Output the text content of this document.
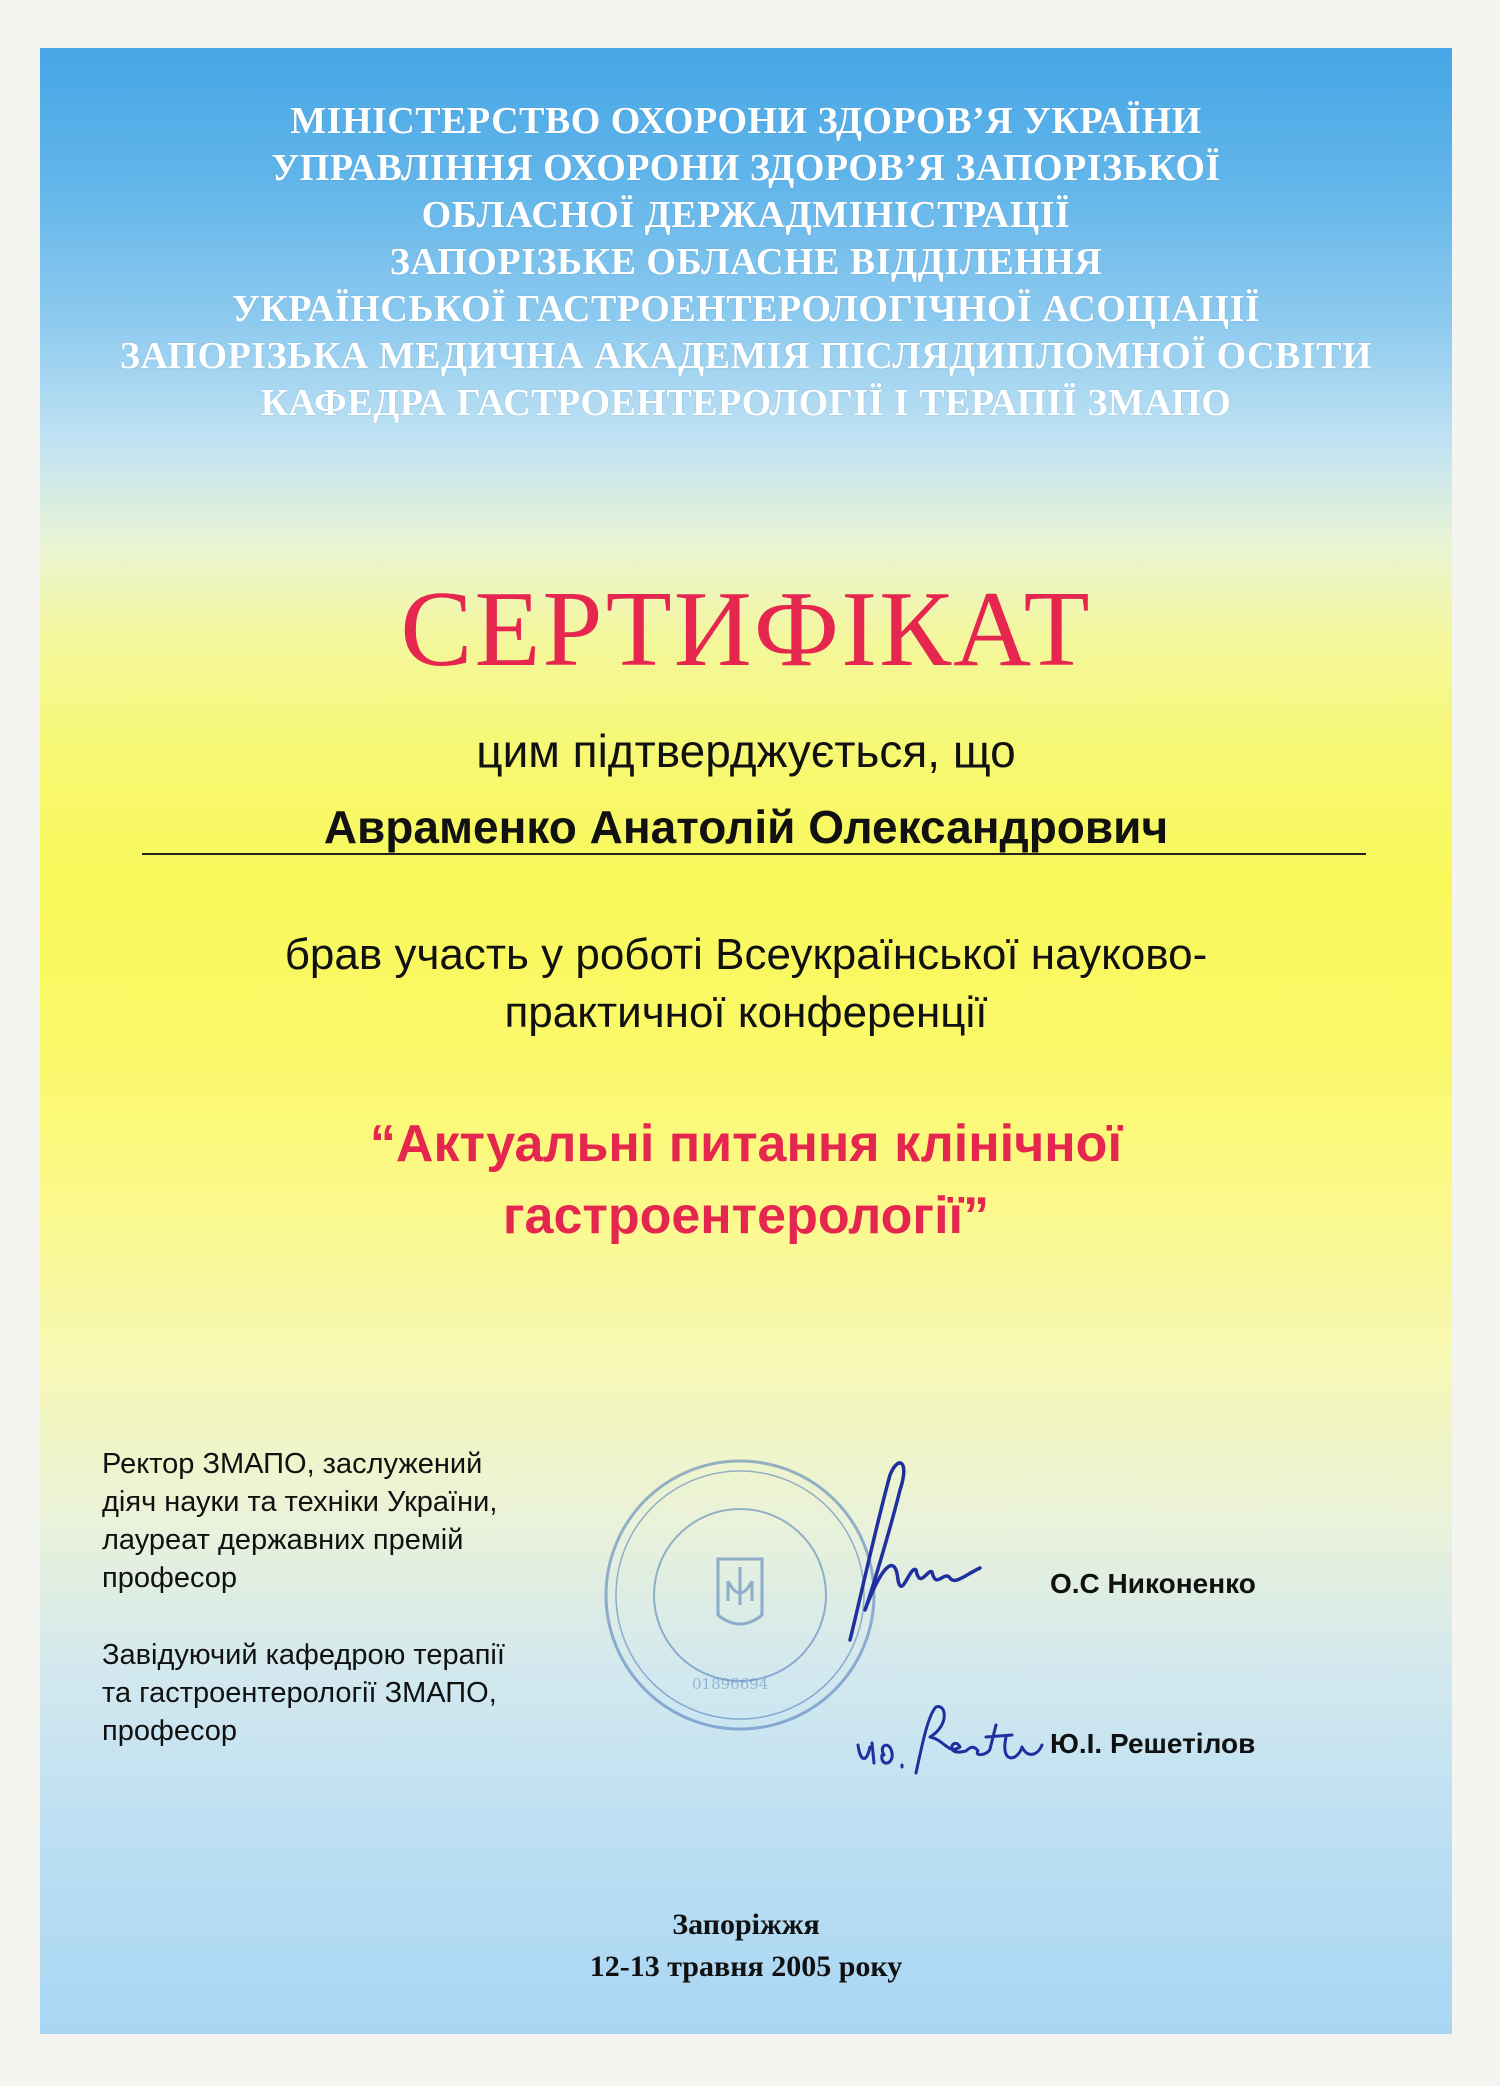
МІНІСТЕРСТВО ОХОРОНИ ЗДОРОВ’Я УКРАЇНИ
УПРАВЛІННЯ ОХОРОНИ ЗДОРОВ’Я ЗАПОРІЗЬКОЇ
ОБЛАСНОЇ ДЕРЖАДМІНІСТРАЦІЇ
ЗАПОРІЗЬКЕ ОБЛАСНЕ ВІДДІЛЕННЯ
УКРАЇНСЬКОЇ ГАСТРОЕНТЕРОЛОГІЧНОЇ АСОЦІАЦІЇ
ЗАПОРІЗЬКА МЕДИЧНА АКАДЕМІЯ ПІСЛЯДИПЛОМНОЇ ОСВІТИ
КАФЕДРА ГАСТРОЕНТЕРОЛОГІЇ І ТЕРАПІЇ ЗМАПО
СЕРТИФІКАТ
цим підтверджується, що
Авраменко Анатолій Олександрович
брав участь у роботі Всеукраїнської науково-
практичної конференції
“Актуальні питання клінічної
гастроентерології”
Ректор ЗМАПО, заслужений
діяч науки та техніки України,
лауреат державних премій
професор
Завідуючий кафедрою терапії
та гастроентерології ЗМАПО,
професор
01896694
О.С Никоненко
Ю.І. Решетілов
Запоріжжя
12-13 травня 2005 року
